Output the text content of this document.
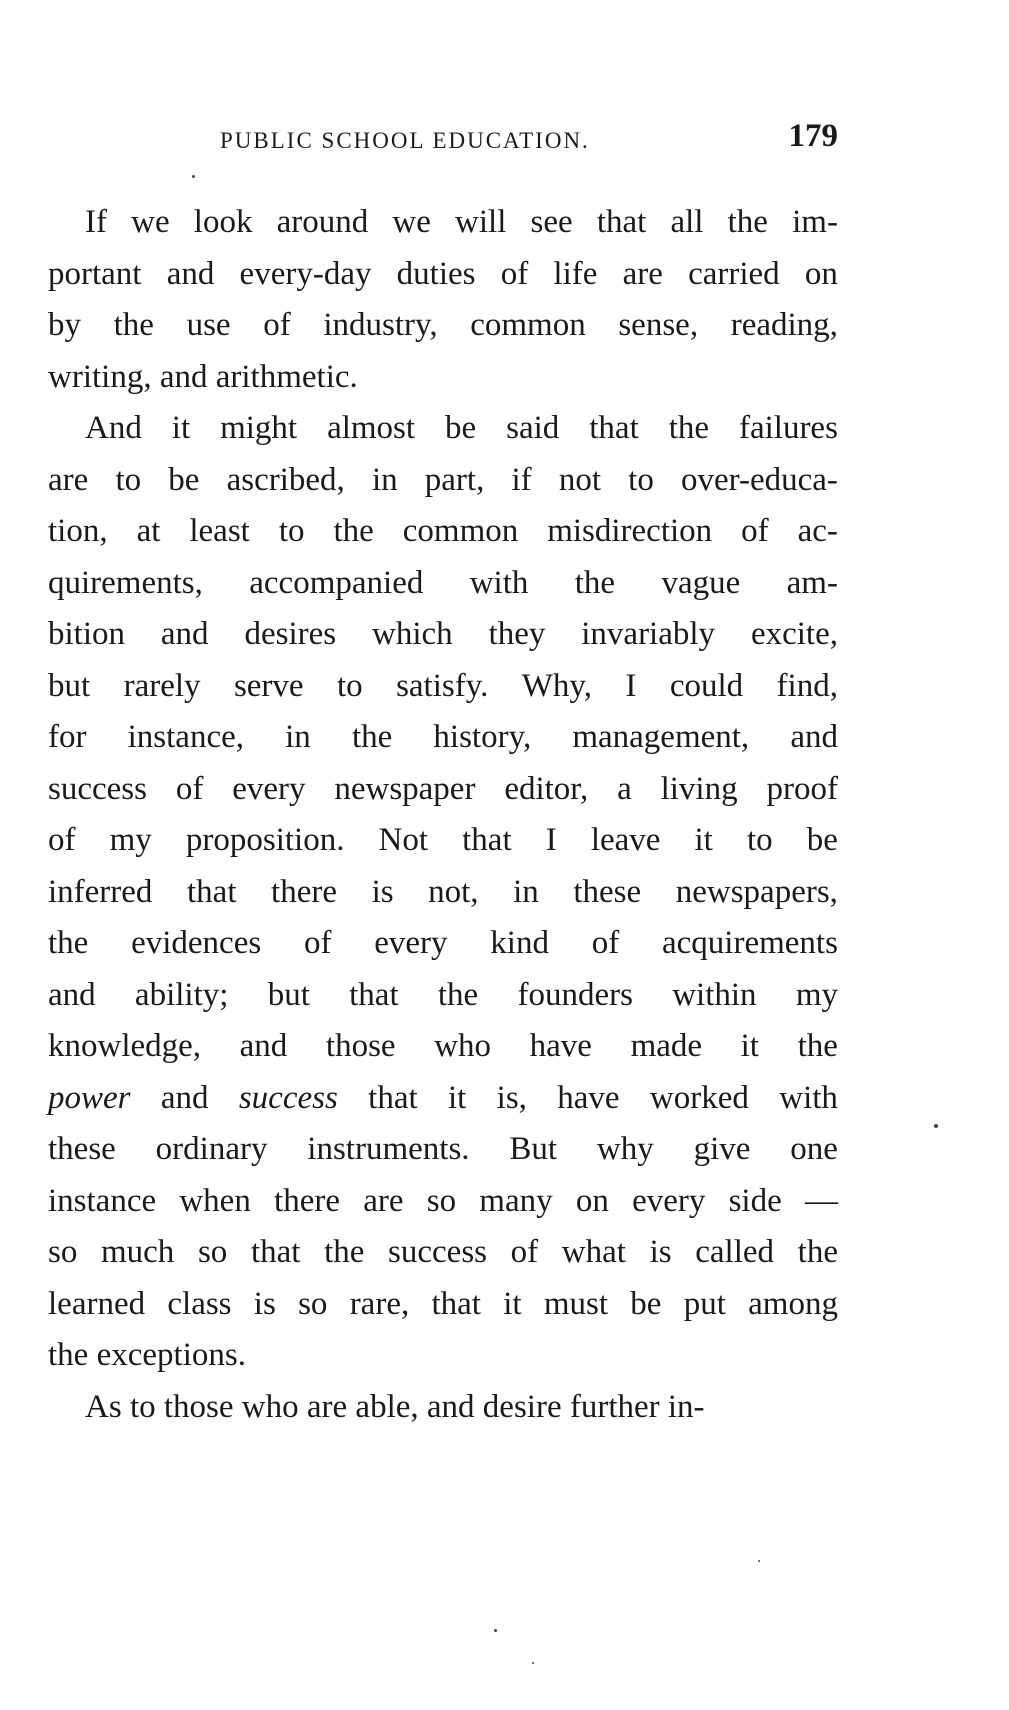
PUBLIC SCHOOL EDUCATION.	179
If we look around we will see that all the im-
portant and every-day duties of life are carried on
by the use of industry, common sense, reading,
writing, and arithmetic.
And it might almost be said that the failures
are to be ascribed, in part, if not to over-educa-
tion, at least to the common misdirection of ac-
quirements, accompanied with the vague am-
bition and desires which they invariably excite,
but rarely serve to satisfy. Why, I could find,
for instance, in the history, management, and
success of every newspaper editor, a living proof
of my proposition. Not that I leave it to be
inferred that there is not, in these newspapers,
the evidences of every kind of acquirements
and ability; but that the founders within my
knowledge, and those who have made it the
power and success that it is, have worked with
these ordinary instruments. But why give one
instance when there are so many on every side —
so much so that the success of what is called the
learned class is so rare, that it must be put among
the exceptions.
As to those who are able, and desire further in-
